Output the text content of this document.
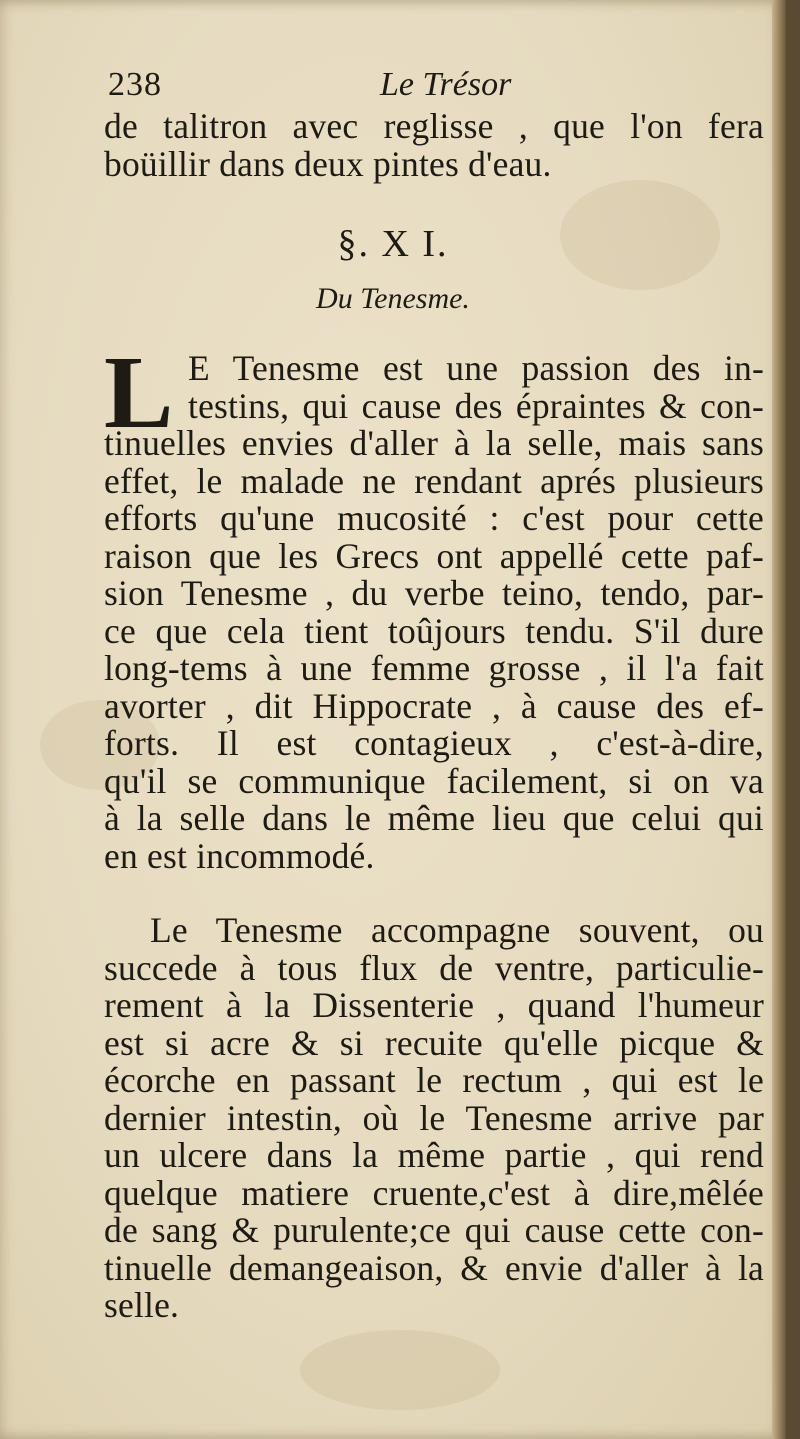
238	Le Trésor
de talitron avec reglisse , que l'on fera
boüillir dans deux pintes d'eau.
§. X I.
Du Tenesme.
L E Tenesme est une passion des in-
testins, qui cause des épraintes & con-
tinuelles envies d'aller à la selle, mais sans
effet, le malade ne rendant aprés plusieurs
efforts qu'une mucosité : c'est pour cette
raison que les Grecs ont appellé cette paf-
sion Tenesme , du verbe teino, tendo, par-
ce que cela tient toûjours tendu. S'il dure
long-tems à une femme grosse , il l'a fait
avorter , dit Hippocrate , à cause des ef-
forts. Il est contagieux , c'est-à-dire,
qu'il se communique facilement, si on va
à la selle dans le même lieu que celui qui
en est incommodé.
Le Tenesme accompagne souvent, ou
succede à tous flux de ventre, particulie-
rement à la Dissenterie , quand l'humeur
est si acre & si recuite qu'elle picque &
écorche en passant le rectum , qui est le
dernier intestin, où le Tenesme arrive par
un ulcere dans la même partie , qui rend
quelque matiere cruente,c'est à dire,mêlée
de sang & purulente;ce qui cause cette con-
tinuelle demangeaison, & envie d'aller à la
selle.
